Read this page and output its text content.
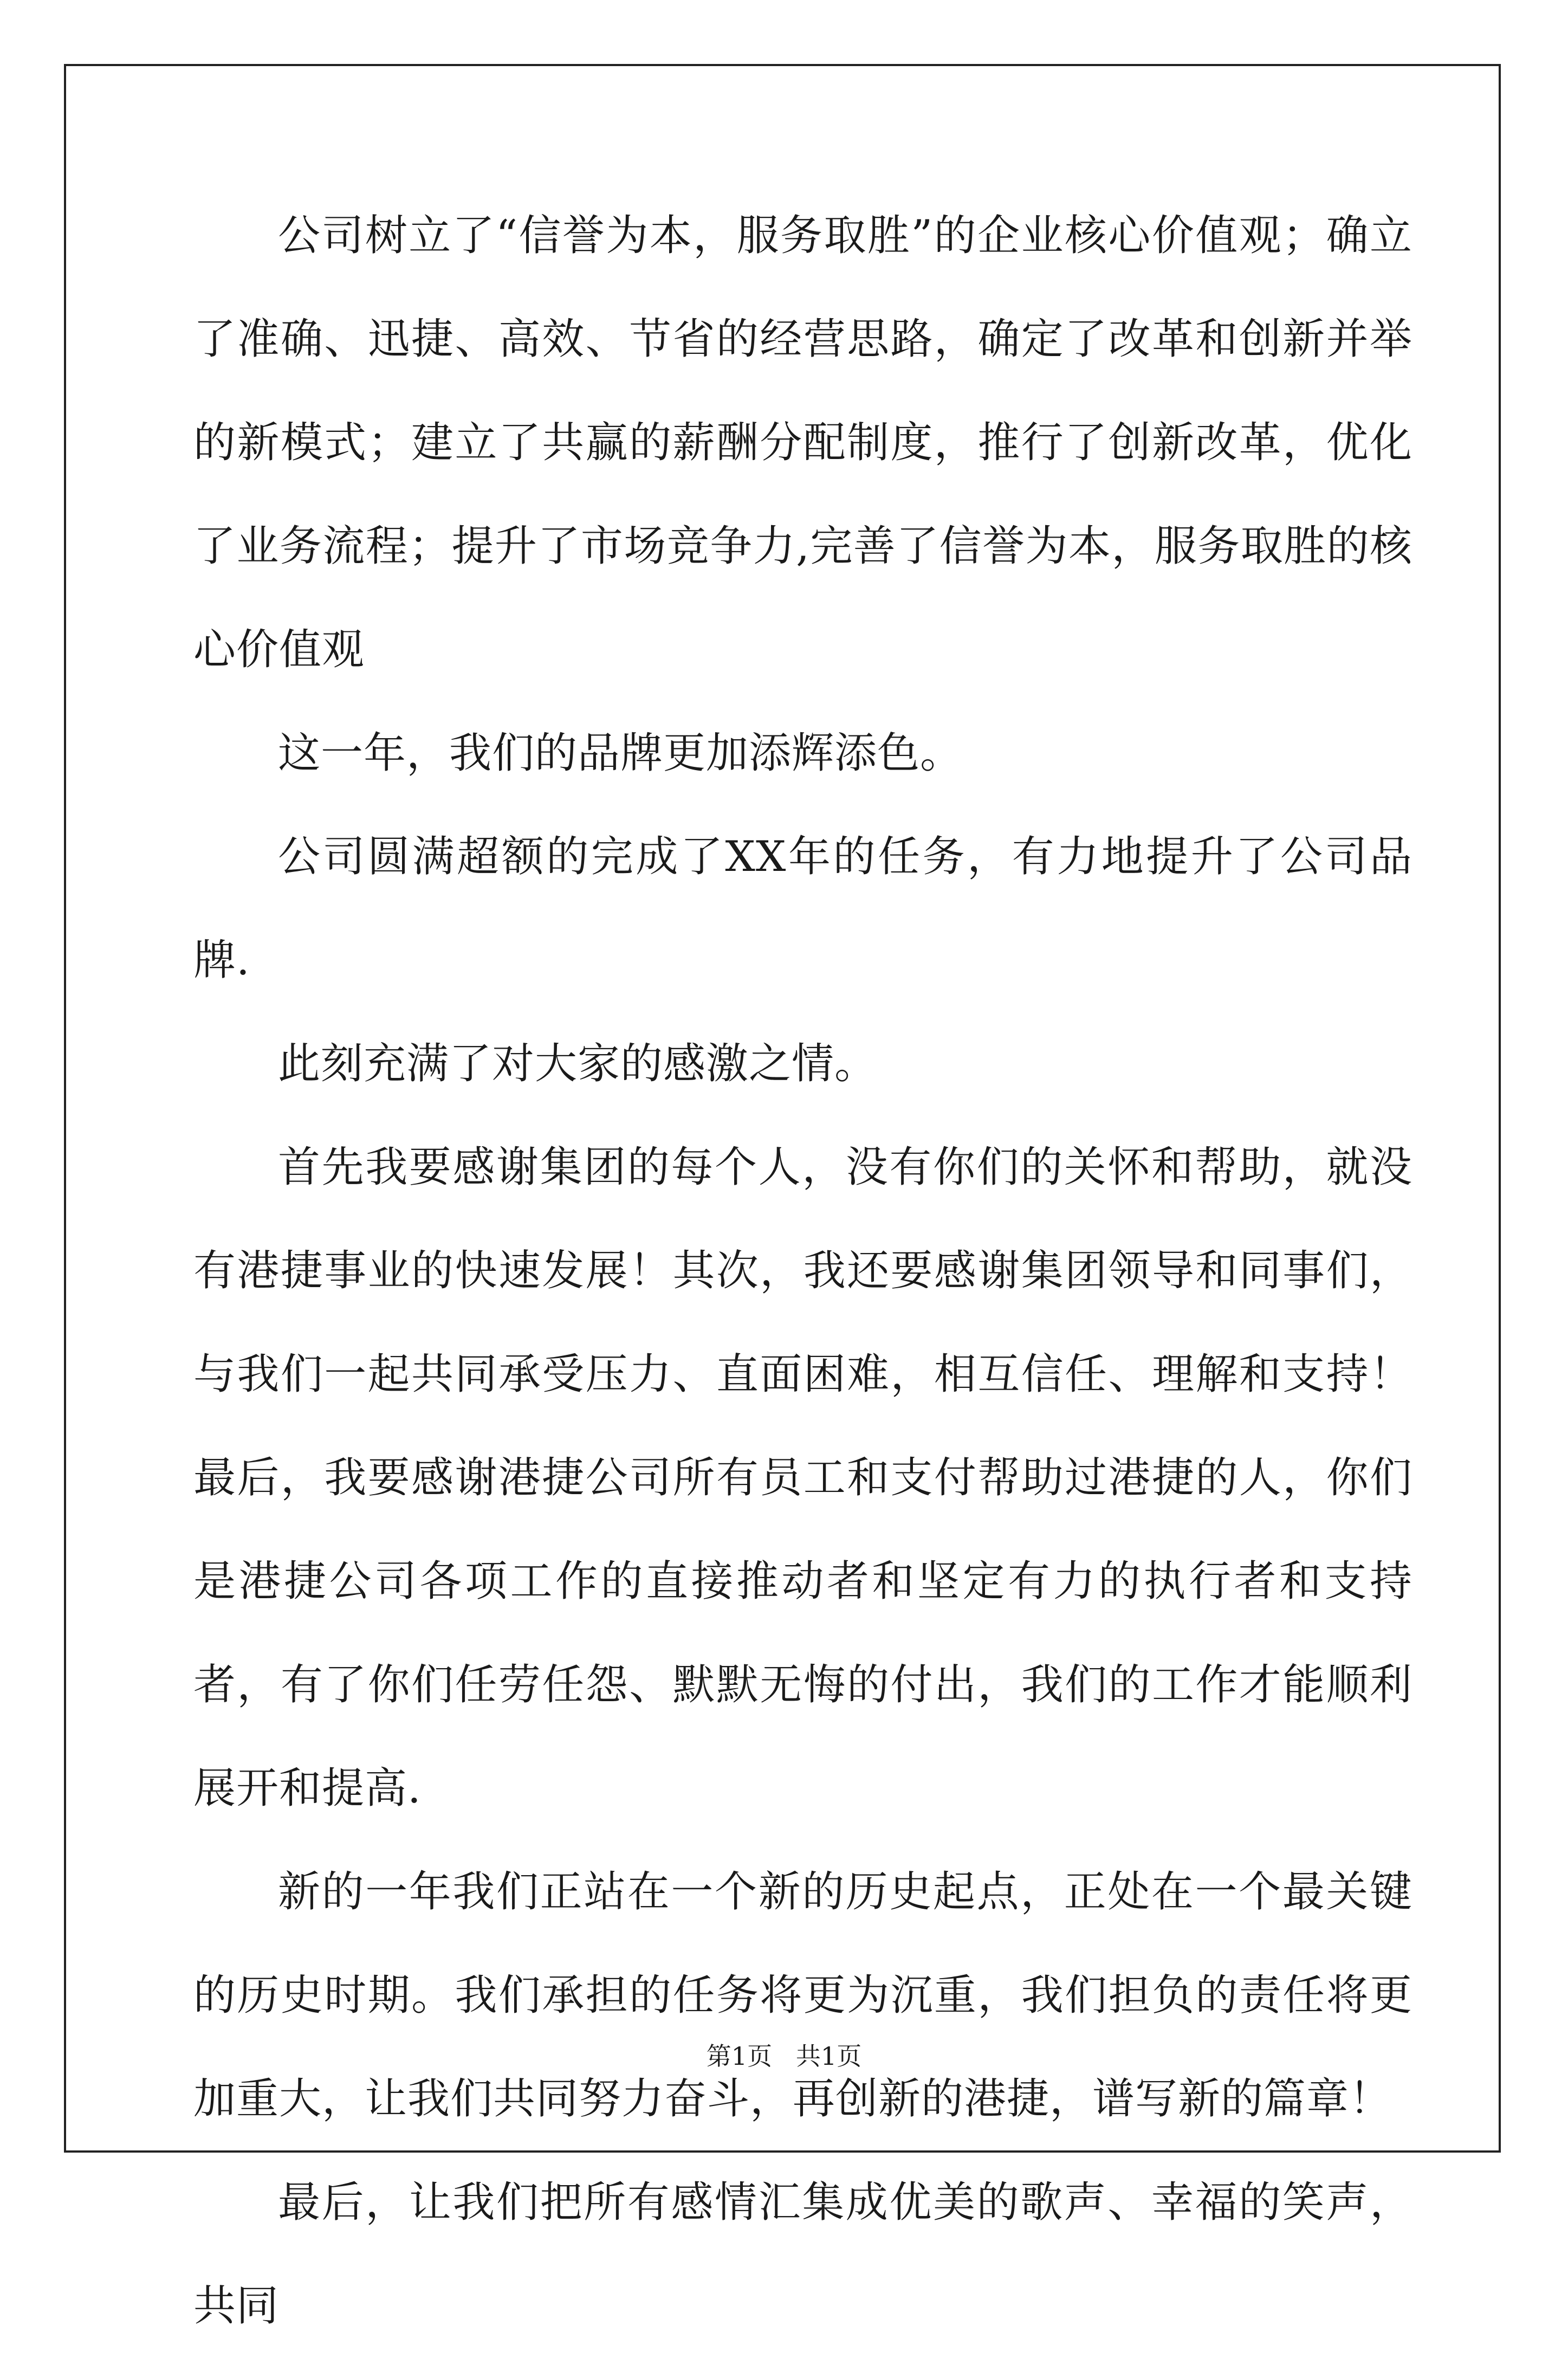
公司树立了“信誉为本，服务取胜”的企业核心价值观；确立了准确、迅捷、高效、节省的经营思路，确定了改革和创新并举的新模式；建立了共赢的薪酬分配制度，推行了创新改革，优化了业务流程；提升了市场竞争力,完善了信誉为本，服务取胜的核心价值观

这一年，我们的品牌更加添辉添色。

公司圆满超额的完成了XX年的任务，有力地提升了公司品牌.

此刻充满了对大家的感激之情。

首先我要感谢集团的每个人，没有你们的关怀和帮助，就没有港捷事业的快速发展！其次，我还要感谢集团领导和同事们，与我们一起共同承受压力、直面困难，相互信任、理解和支持！最后，我要感谢港捷公司所有员工和支付帮助过港捷的人，你们是港捷公司各项工作的直接推动者和坚定有力的执行者和支持者，有了你们任劳任怨、默默无悔的付出，我们的工作才能顺利展开和提高.

新的一年我们正站在一个新的历史起点，正处在一个最关键的历史时期。我们承担的任务将更为沉重，我们担负的责任将更加重大，让我们共同努力奋斗，再创新的港捷，谱写新的篇章！

最后，让我们把所有感情汇集成优美的歌声、幸福的笑声，共同

第1页   共1页
